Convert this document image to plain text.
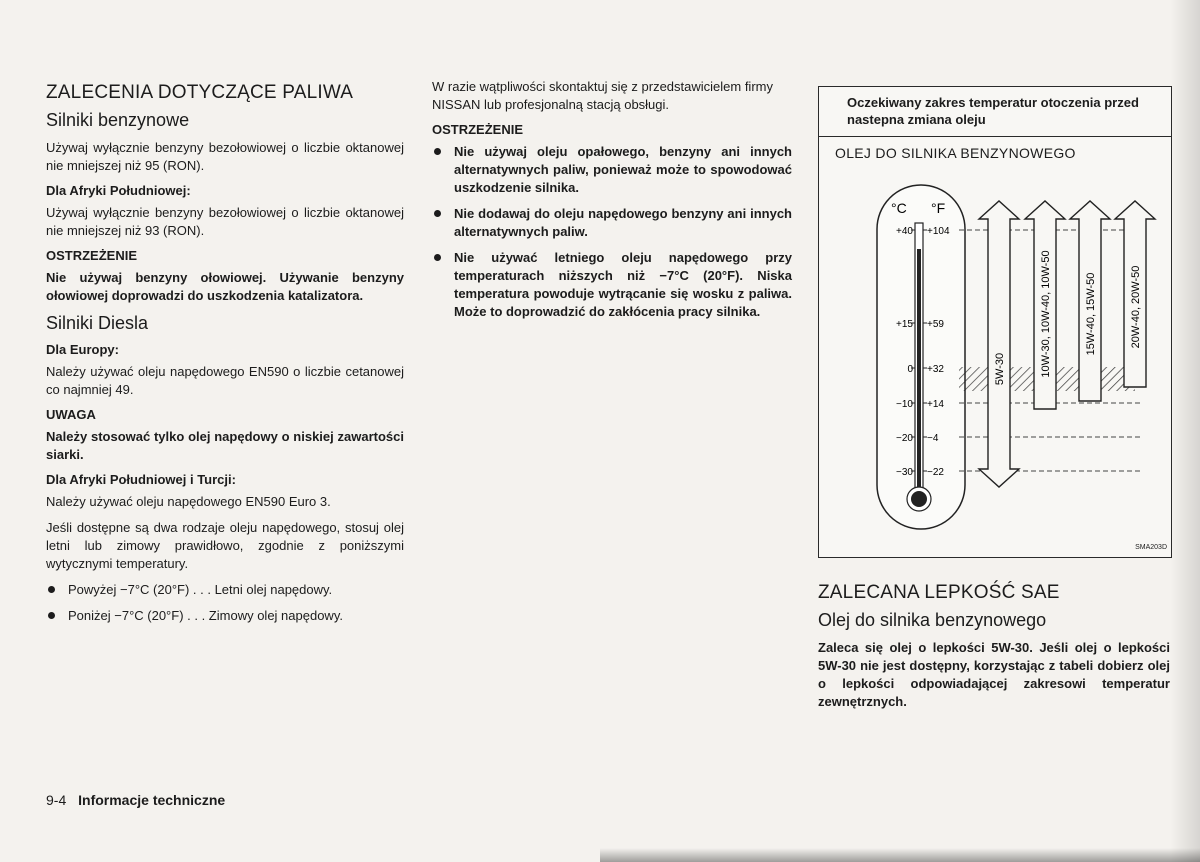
ZALECENIA DOTYCZĄCE PALIWA
Silniki benzynowe

Używaj wyłącznie benzyny bezołowiowej o liczbie oktanowej nie mniejszej niż 95 (RON).

Dla Afryki Południowej:

Używaj wyłącznie benzyny bezołowiowej o liczbie oktanowej nie mniejszej niż 93 (RON).

OSTRZEŻENIE

Nie używaj benzyny ołowiowej. Używanie benzyny ołowiowej doprowadzi do uszkodzenia katalizatora.

Silniki Diesla
Dla Europy:

Należy używać oleju napędowego EN590 o liczbie cetanowej co najmniej 49.

UWAGA

Należy stosować tylko olej napędowy o niskiej zawartości siarki.

Dla Afryki Południowej i Turcji:

Należy używać oleju napędowego EN590 Euro 3.

Jeśli dostępne są dwa rodzaje oleju napędowego, stosuj olej letni lub zimowy prawidłowo, zgodnie z poniższymi wytycznymi temperatury.

Powyżej −7°C (20°F) . . . Letni olej napędowy.
Poniżej −7°C (20°F) . . . Zimowy olej napędowy.

W razie wątpliwości skontaktuj się z przedstawicielem firmy NISSAN lub profesjonalną stacją obsługi.

OSTRZEŻENIE
Nie używaj oleju opałowego, benzyny ani innych alternatywnych paliw, ponieważ może to spowodować uszkodzenie silnika.
Nie dodawaj do oleju napędowego benzyny ani innych alternatywnych paliw.
Nie używać letniego oleju napędowego przy temperaturach niższych niż −7°C (20°F). Niska temperatura powoduje wytrącanie się wosku z paliwa. Może to doprowadzić do zakłócenia pracy silnika.
Oczekiwany zakres temperatur otoczenia przed nastepna zmiana oleju
OLEJ DO SILNIKA BENZYNOWEGO
°C °F
+40
+15
0
−10
−20
−30
+104
+59
+32
+14
−4
−22
5W-30	10W-30, 10W-40, 10W-50	15W-40, 15W-50	20W-40, 20W-50
SMA203D
ZALECANA LEPKOŚĆ SAE
Olej do silnika benzynowego

Zaleca się olej o lepkości 5W-30. Jeśli olej o lepkości 5W-30 nie jest dostępny, korzystając z tabeli dobierz olej o lepkości odpowiadającej zakresowi temperatur zewnętrznych.

9-4 Informacje techniczne
